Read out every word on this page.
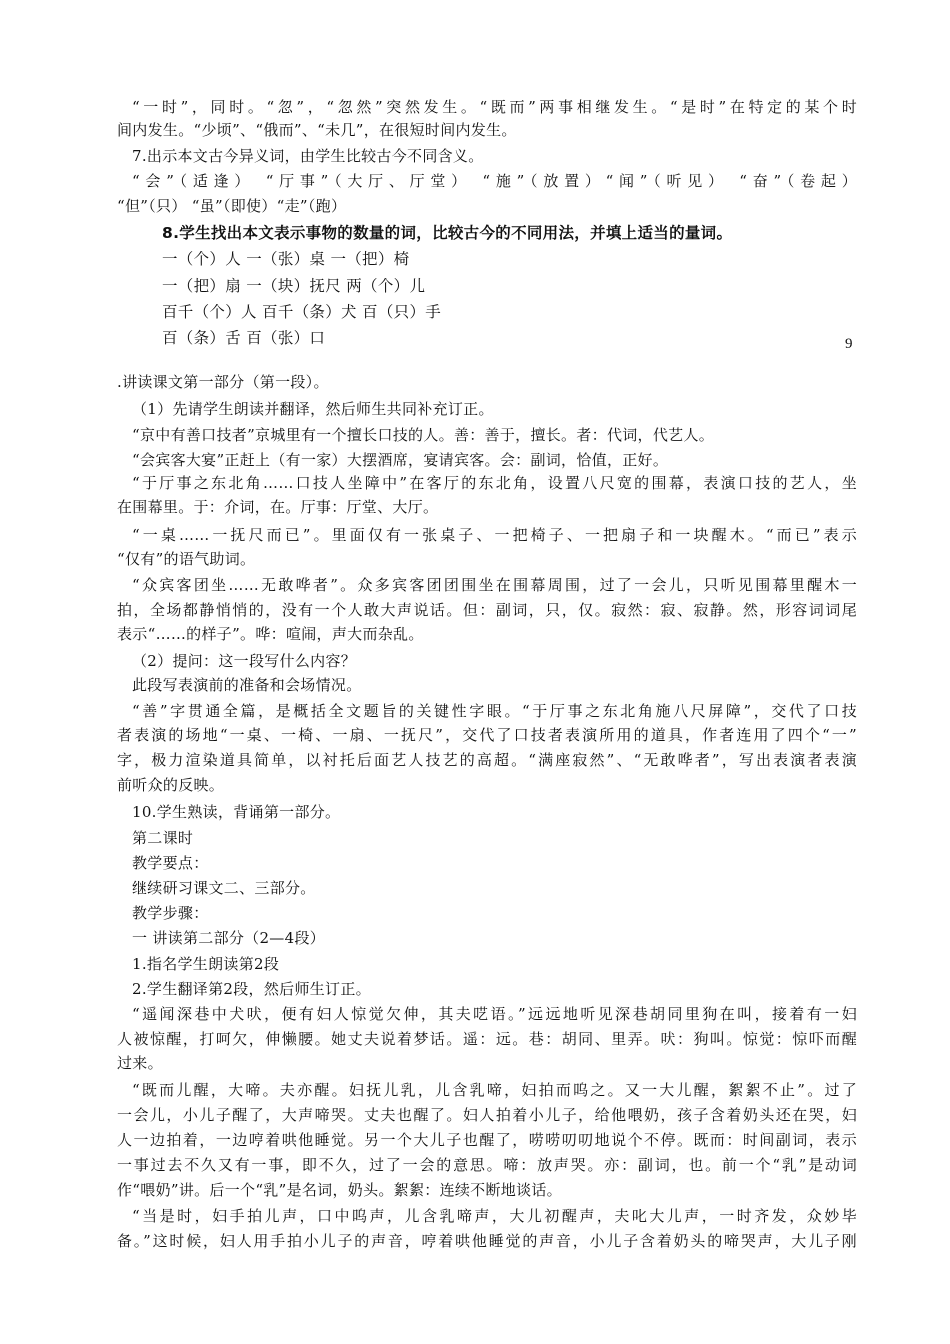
“一时”，同时。“忽”，“忽然”突然发生。“既而”两事相继发生。“是时”在特定的某个时
间内发生。“少顷”、“俄而”、“未几”，在很短时间内发生。
7.出示本文古今异义词，由学生比较古今不同含义。
“会”（适逢） “厅事”（大厅、厅堂） “施”（放置）“闻”（听见） “奋”（卷起）
“但”（只） “虽”（即使）“走”（跑）
8.学生找出本文表示事物的数量的词，比较古今的不同用法，并填上适当的量词。
一（个）人 一（张）桌 一（把）椅
一（把）扇 一（块）抚尺 两（个）儿
百千（个）人 百千（条）犬 百（只）手
百（条）舌 百（张）口	9
.讲读课文第一部分（第一段）。
（1）先请学生朗读并翻译，然后师生共同补充订正。
“京中有善口技者”京城里有一个擅长口技的人。善：善于，擅长。者：代词，代艺人。
“会宾客大宴”正赶上（有一家）大摆酒席，宴请宾客。会：副词，恰值，正好。
“于厅事之东北角……口技人坐障中”在客厅的东北角，设置八尺宽的围幕，表演口技的艺人，坐
在围幕里。于：介词，在。厅事：厅堂、大厅。
“一桌……一抚尺而已”。里面仅有一张桌子、一把椅子、一把扇子和一块醒木。“而已”表示
“仅有”的语气助词。
“众宾客团坐……无敢哗者”。众多宾客团团围坐在围幕周围，过了一会儿，只听见围幕里醒木一
拍，全场都静悄悄的，没有一个人敢大声说话。但：副词，只，仅。寂然：寂、寂静。然，形容词词尾
表示“……的样子”。哗：喧闹，声大而杂乱。
（2）提问：这一段写什么内容？
此段写表演前的准备和会场情况。
“善”字贯通全篇，是概括全文题旨的关键性字眼。“于厅事之东北角施八尺屏障”，交代了口技
者表演的场地“一桌、一椅、一扇、一抚尺”，交代了口技者表演所用的道具，作者连用了四个“一”
字，极力渲染道具简单，以衬托后面艺人技艺的高超。“满座寂然”、“无敢哗者”，写出表演者表演
前听众的反映。
10.学生熟读，背诵第一部分。
第二课时
教学要点：
继续研习课文二、三部分。
教学步骤：
一 讲读第二部分（2—4段）
1.指名学生朗读第2段
2.学生翻译第2段，然后师生订正。
“遥闻深巷中犬吠，便有妇人惊觉欠伸，其夫呓语。”远远地听见深巷胡同里狗在叫，接着有一妇
人被惊醒，打呵欠，伸懒腰。她丈夫说着梦话。遥：远。巷：胡同、里弄。吠：狗叫。惊觉：惊吓而醒
过来。
“既而儿醒，大啼。夫亦醒。妇抚儿乳，儿含乳啼，妇拍而呜之。又一大儿醒，絮絮不止”。过了
一会儿，小儿子醒了，大声啼哭。丈夫也醒了。妇人拍着小儿子，给他喂奶，孩子含着奶头还在哭，妇
人一边拍着，一边哼着哄他睡觉。另一个大儿子也醒了，唠唠叨叨地说个不停。既而：时间副词，表示
一事过去不久又有一事，即不久，过了一会的意思。啼：放声哭。亦：副词，也。前一个“乳”是动词
作“喂奶”讲。后一个“乳”是名词，奶头。絮絮：连续不断地谈话。
“当是时，妇手拍儿声，口中呜声，儿含乳啼声，大儿初醒声，夫叱大儿声，一时齐发，众妙毕
备。”这时候，妇人用手拍小儿子的声音，哼着哄他睡觉的声音，小儿子含着奶头的啼哭声，大儿子刚
